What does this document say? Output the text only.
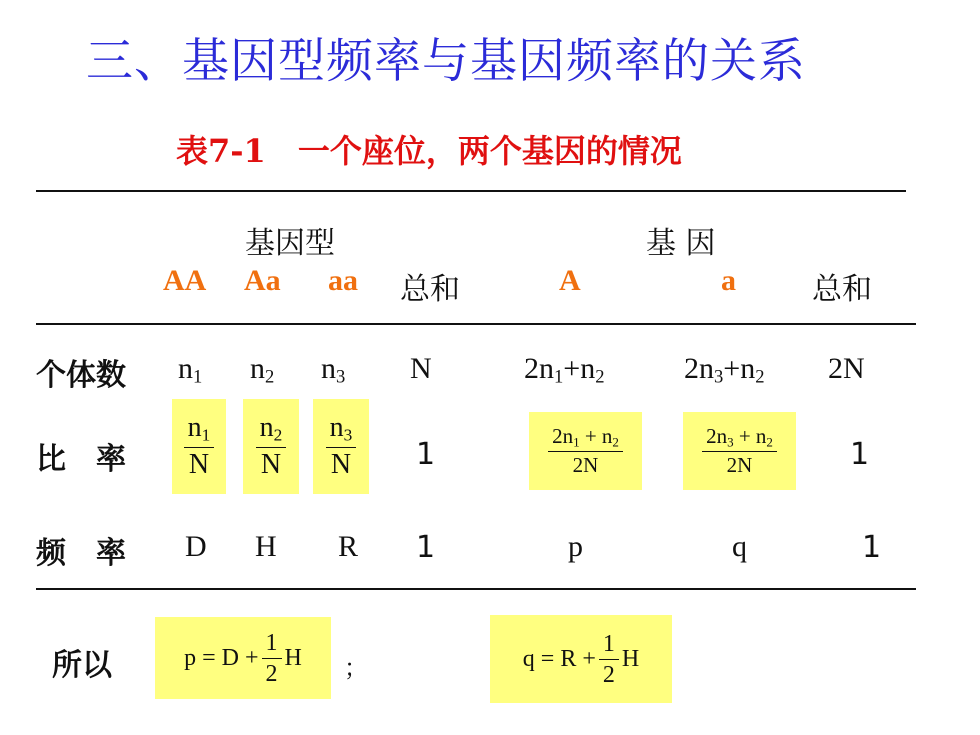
三、基因型频率与基因频率的关系
表7-1　一个座位，两个基因的情况
基因型	基 因
AA Aa aa 总和	A	a	总和
个体数 $n_1$ $n_2$ $n_3$ N	$2n_1+n_2$	$2n_3+n_2$ 2N
比　率 $\frac{n_1}{N} \frac{n_2}{N} \frac{n_3}{N} 1$	$\frac{2n_1 + n_2}{2N}$	$\frac{2n_3 + n_2}{2N} 1$
频　率 D H R 1	p	q	1
所以	$p = D + \frac{1}{2}$ H ；	$q = R + \frac{1}{2}$ H
